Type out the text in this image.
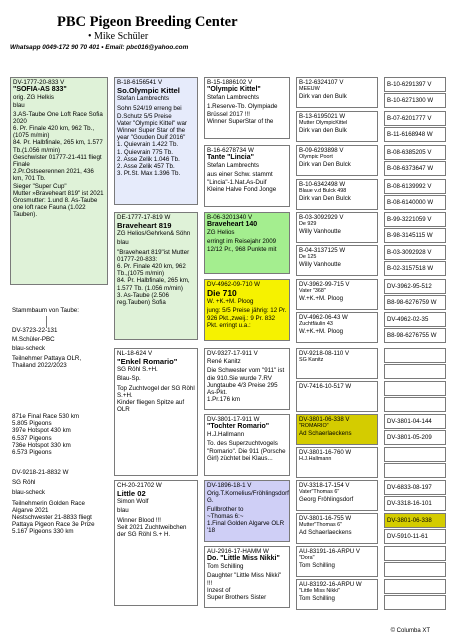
PBC Pigeon Breeding Center
• Mike Schüler
Whatsapp 0049-172 90 70 401 • Email: pbc016@yahoo.com
DV-1777-20-833 V
"SOFIA-AS 833"
orig. ZG Helkis
blau
3.AS-Taube One Loft Race Sofia 2020
6. Pr. Finale 420 km, 962 Tb.,(1075 m/min)
84. Pr. Halbfinale, 265 km, 1.577 Tb.(1.056 m/min)
Geschwister 01777-21-411 fliegt Finale
2.Pr.Ostseerennen 2021, 436 km, 701 Tb.
Sieger "Super Cup"
Mutter »Braveheart 819" ist 2021 Grosmutter: 1.und 8. As-Taube one loft race Fauna (1.022 Tauben).
Stammbaum von Taube:
DV-3723-22-131
M.Schüler-PBC
blau-scheck
Teilnehmer Pattaya OLR, Thailand 2022/2023
871e Final Race 530 km
5.805 Pigeons
397e Hotspot 430 km
6.537 Pigeons
736e Hotspot 330 km
6.573 Pigeons
DV-9218-21-8832 W
SG Röhl
blau-scheck
Teilnehmerin Golden Race Algarve 2021
Nestschwester 21-8833 fliegt Pattaya Pigeon Race 3e Prize 5.167 Pigeons 330 km
B-18-6156541 V
So.Olympic Kittel
Stefan Lambrechts
Sohn 524/19 erreng bei D.Schutz 5/5 Preise
Vater "Olympic Kittel" war Winner Super Star of the year "Gouden Duif 2016"
1. Quievrain 1.422 Tb.
1. Quievrain 775 Tb.
2. Asse Zelik 1.046 Tb.
2. Asse Zelik 457 Tb.
3. Pt.St. Max 1.396 Tb.
DE-1777-17-819 W
Braveheart 819
ZG Helios/Gehrken& Söhn
blau
"Braveheart 819"ist Mutter
01777-20-833:
6. Pr. Finale 420 km, 962 Tb.,(1075 m/min)
84. Pr. Halbfinale, 265 km, 1.577 Tb. (1.056 m/min)
3. As-Taube (2.506 reg.Tauben) Sofia
NL-18-624 V
"Enkel Romario"
SG Röhl S.+H.
Blau-Sp.
Top Zuchtvogel der SG Röhl S.+H.
Kinder fliegen Spitze auf OLR
CH-20-21702 W
Little 02
Simon Wolf
blau
Winner Blood !!!
Seit 2021 Zuchtweibchen der SG Röhl S.+ H.
B-15-1886102 V
"Olympic Kittel"
Stefan Lambrechts
1.Reserve-Tb. Olympiade Brüssel 2017 !!!
Winner SuperStar of the
B-16-6278734 W
Tante "Lincia"
Stefan Lambrechts
aus einer Schw. stammt "Lincia"-1.Nat.As-Duif
Kleine Halve Fond Jonge
B-06-3201340 V
Braveheart 140
ZG Helios
erringt im Reisejahr 2009 12/12 Pr., 968 Punkte mit
DV-4962-09-710 W
Die 710
W. +K.+M. Ploog
jung: 5/5 Preise jährig: 12 Pr. 926 Pkt.,zweij.: 9 Pr. 832 Pkt. erringt u.a.:
DV-9327-17-911 V
René Kanitz
Die Schwester vom "911" ist die 910.Sie wurde 7.RV Jungtaube 4/3 Preise 295 As-Pkt.
1.Pr.176 km
DV-3801-17-911 W
"Tochter Romario"
H.J.Hallmann
To. des Superzuchtvogels "Romario". Die 911 (Porsche Girl) züchtet bei Klaus...
DV-1896-18-1 V
Orig.T.Kornelius/Fröhlingsdorf G.
Fullbrother to
~Thomas 6:~
1.Final Golden Algarve OLR '18
AU-2916-17-HAMM W
Do. "Little Miss Nikki"
Tom Schilling
Daughter "Little Miss Nikki" !!!
Inzest of
Super Brothers Sister
B-12-6324107 V
MEEUW
Dirk van den Bulk
B-13-6195021 W
Mutter OlympicKittel
Dirk van den Bulk
B-09-6293898 V
Olympic Poort
Dirk van Den Bulck
B-10-6342498 W
Blaue v.d Bulck 498
Dirk van Den Bulck
B-03-3092929 V
De 929
Willy Vanhoutte
B-04-3137125 W
De 125
Willy Vanhoutte
DV-3962-99-715 V
Vater "368"
W.+K.+M. Ploog
DV-4962-06-43 W
Zuchtfäulin 43
W.+K.+M. Ploog
DV-9218-08-110 V
SG Kanitz
DV-7416-10-517 W
DV-3801-06-338 V
"ROMARIO"
Ad Schaerlaeckens
DV-3801-16-760 W
H.J.Hallmann
DV-3318-17-154 V
Vater"Thomas 6"
Georg Fröhlingsdorf
DV-3801-16-755 W
Mutter"Thomas 6"
Ad Schaerlaeckens
AU-83191-16-ARPU V
"Dora"
Tom Schilling
AU-83192-16-ARPU W
"Little Miss Nikki"
Tom Schilling
B-10-6291397 V
B-10-6271300 W
B-07-6201777 V
B-11-6168948 W
B-08-6385205 V
B-08-6373647 W
B-08-6139992 V
B-08-6140000 W
B-99-3221059 V
B-98-3145115 W
B-03-3092928 V
B-02-3157518 W
DV-3962-95-512
B8-98-6276759 W
DV-4962-02-35
B8-98-6276755 W
DV-3801-04-144
DV-3801-05-209
DV-6833-08-197
DV-3318-16-101
DV-3801-06-338
DV-5910-11-61
© Columba XT
